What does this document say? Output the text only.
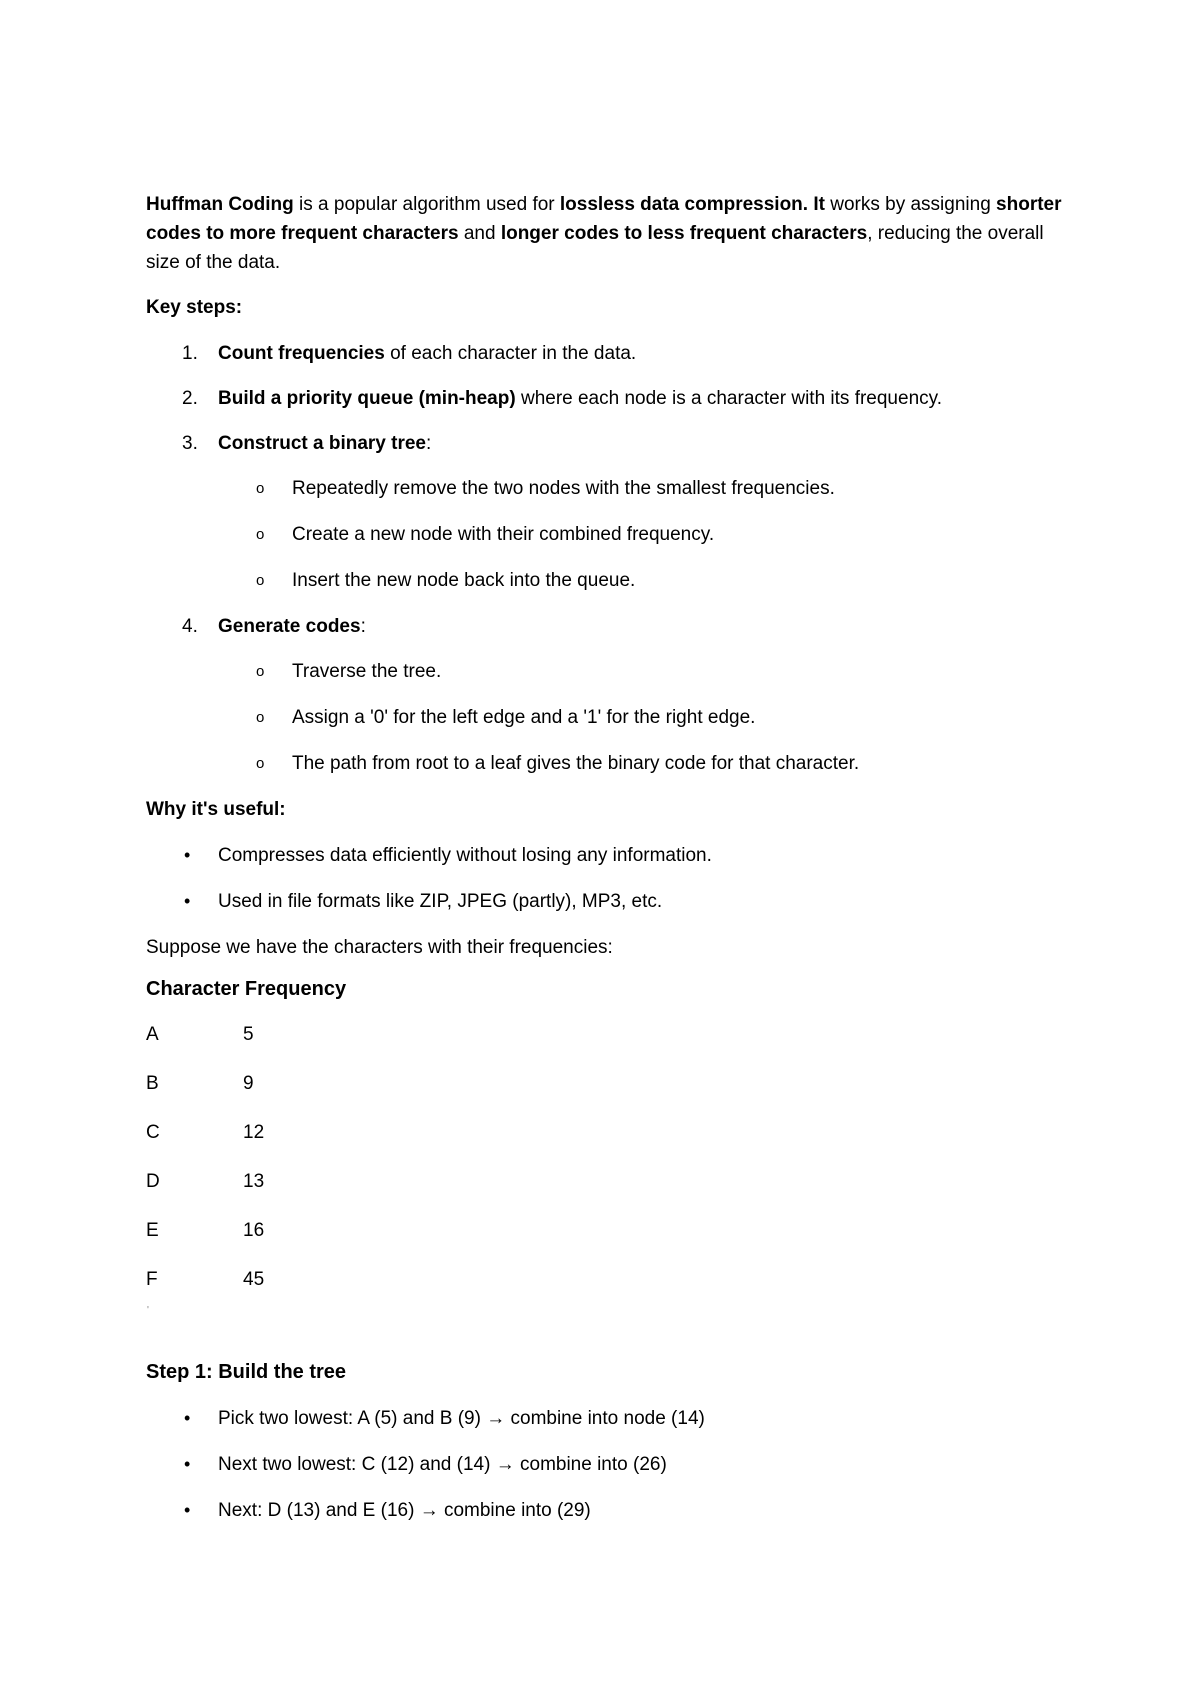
Huffman Coding is a popular algorithm used for lossless data compression. It works by assigning shorter codes to more frequent characters and longer codes to less frequent characters, reducing the overall size of the data.

Key steps:

1. Count frequencies of each character in the data.
2. Build a priority queue (min-heap) where each node is a character with its frequency.
3. Construct a binary tree:
o Repeatedly remove the two nodes with the smallest frequencies.
o Create a new node with their combined frequency.
o Insert the new node back into the queue.
4. Generate codes:
o Traverse the tree.
o Assign a '0' for the left edge and a '1' for the right edge.
o The path from root to a leaf gives the binary code for that character.

Why it's useful:

• Compresses data efficiently without losing any information.
• Used in file formats like ZIP, JPEG (partly), MP3, etc.

Suppose we have the characters with their frequencies:

Character Frequency

A	5
B	9
C	12
D	13
E	16
F	45
'

Step 1: Build the tree

• Pick two lowest: A (5) and B (9) → combine into node (14)
• Next two lowest: C (12) and (14) → combine into (26)
• Next: D (13) and E (16) → combine into (29)
